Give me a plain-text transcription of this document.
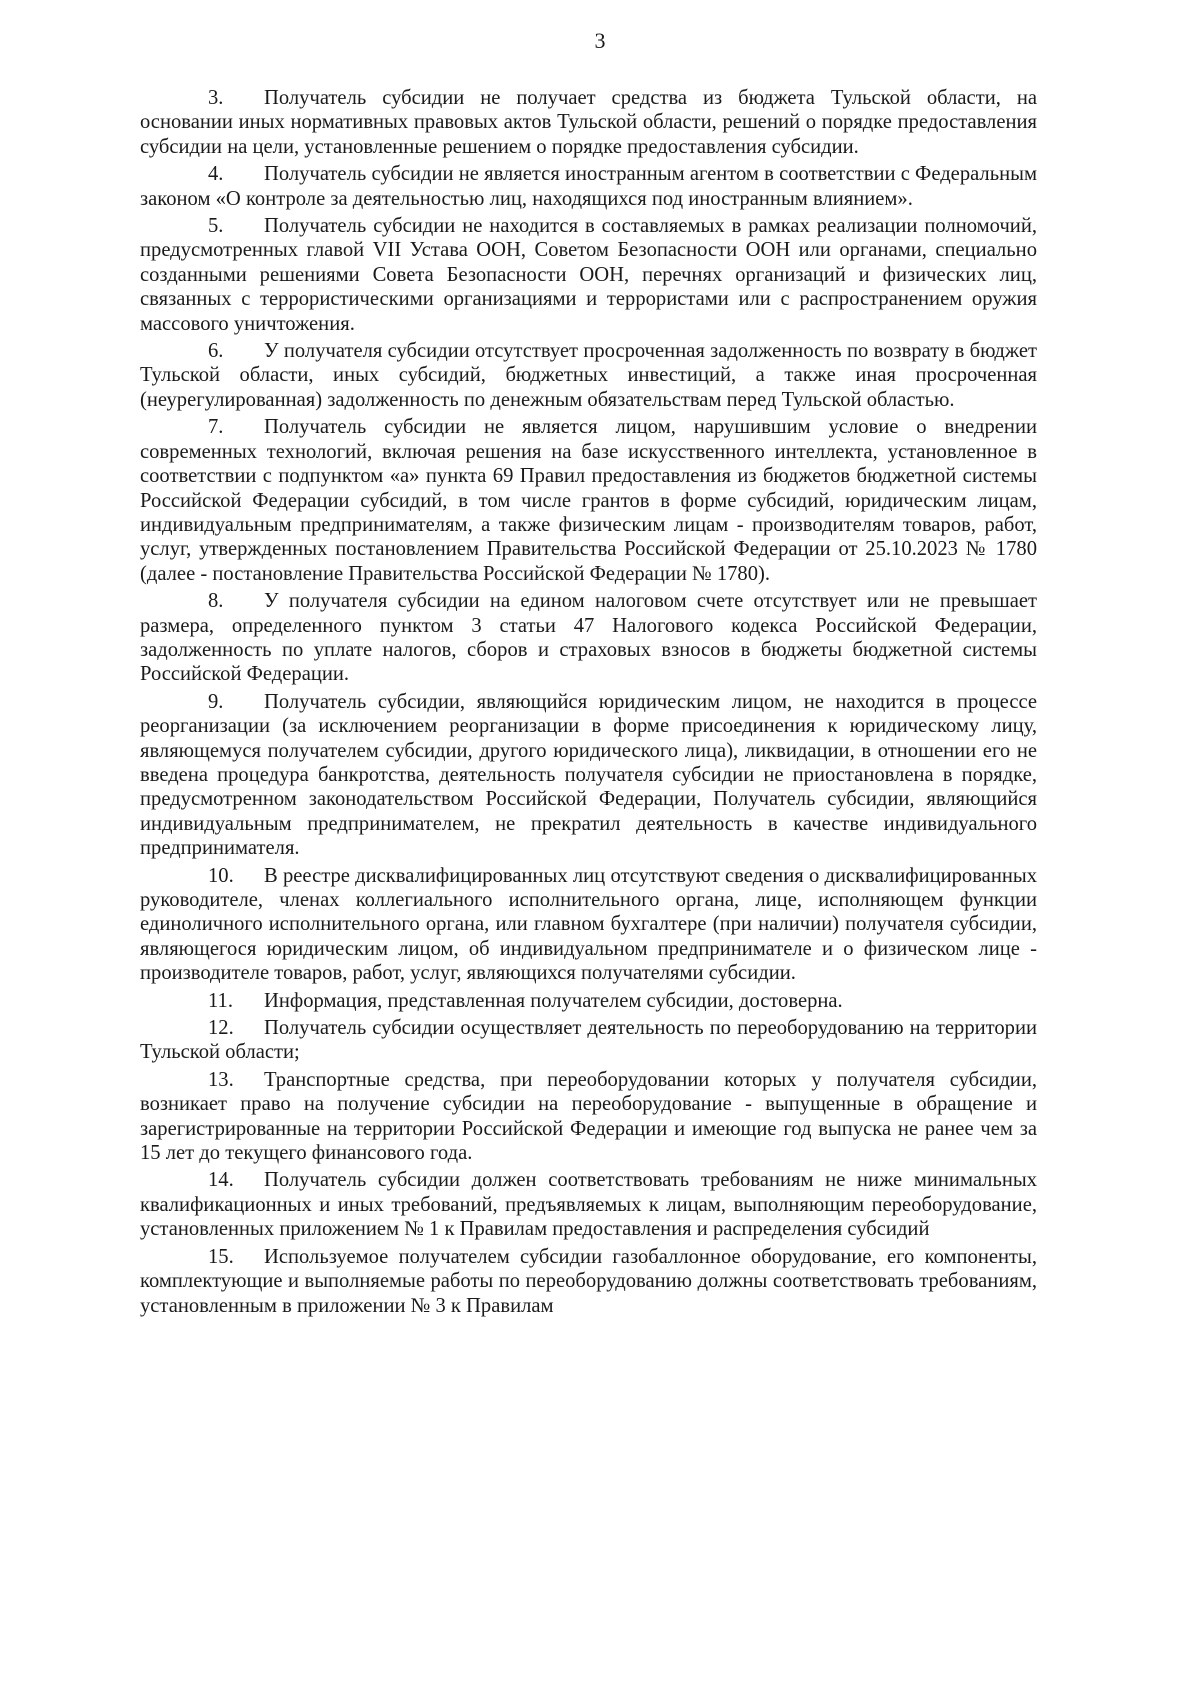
3

3. Получатель субсидии не получает средства из бюджета Тульской области, на основании иных нормативных правовых актов Тульской области, решений о порядке предоставления субсидии на цели, установленные решением о порядке предоставления субсидии.

4. Получатель субсидии не является иностранным агентом в соответствии с Федеральным законом «О контроле за деятельностью лиц, находящихся под иностранным влиянием».

5. Получатель субсидии не находится в составляемых в рамках реализации полномочий, предусмотренных главой VII Устава ООН, Советом Безопасности ООН или органами, специально созданными решениями Совета Безопасности ООН, перечнях организаций и физических лиц, связанных с террористическими организациями и террористами или с распространением оружия массового уничтожения.

6. У получателя субсидии отсутствует просроченная задолженность по возврату в бюджет Тульской области, иных субсидий, бюджетных инвестиций, а также иная просроченная (неурегулированная) задолженность по денежным обязательствам перед Тульской областью.

7. Получатель субсидии не является лицом, нарушившим условие о внедрении современных технологий, включая решения на базе искусственного интеллекта, установленное в соответствии с подпунктом «а» пункта 69 Правил предоставления из бюджетов бюджетной системы Российской Федерации субсидий, в том числе грантов в форме субсидий, юридическим лицам, индивидуальным предпринимателям, а также физическим лицам - производителям товаров, работ, услуг, утвержденных постановлением Правительства Российской Федерации от 25.10.2023 № 1780 (далее - постановление Правительства Российской Федерации № 1780).

8. У получателя субсидии на едином налоговом счете отсутствует или не превышает размера, определенного пунктом 3 статьи 47 Налогового кодекса Российской Федерации, задолженность по уплате налогов, сборов и страховых взносов в бюджеты бюджетной системы Российской Федерации.

9. Получатель субсидии, являющийся юридическим лицом, не находится в процессе реорганизации (за исключением реорганизации в форме присоединения к юридическому лицу, являющемуся получателем субсидии, другого юридического лица), ликвидации, в отношении его не введена процедура банкротства, деятельность получателя субсидии не приостановлена в порядке, предусмотренном законодательством Российской Федерации, Получатель субсидии, являющийся индивидуальным предпринимателем, не прекратил деятельность в качестве индивидуального предпринимателя.

10. В реестре дисквалифицированных лиц отсутствуют сведения о дисквалифицированных руководителе, членах коллегиального исполнительного органа, лице, исполняющем функции единоличного исполнительного органа, или главном бухгалтере (при наличии) получателя субсидии, являющегося юридическим лицом, об индивидуальном предпринимателе и о физическом лице - производителе товаров, работ, услуг, являющихся получателями субсидии.

11. Информация, представленная получателем субсидии, достоверна.

12. Получатель субсидии осуществляет деятельность по переоборудованию на территории Тульской области;

13. Транспортные средства, при переоборудовании которых у получателя субсидии, возникает право на получение субсидии на переоборудование - выпущенные в обращение и зарегистрированные на территории Российской Федерации и имеющие год выпуска не ранее чем за 15 лет до текущего финансового года.

14. Получатель субсидии должен соответствовать требованиям не ниже минимальных квалификационных и иных требований, предъявляемых к лицам, выполняющим переоборудование, установленных приложением № 1 к Правилам предоставления и распределения субсидий

15. Используемое получателем субсидии газобаллонное оборудование, его компоненты, комплектующие и выполняемые работы по переоборудованию должны соответствовать требованиям, установленным в приложении № 3 к Правилам
